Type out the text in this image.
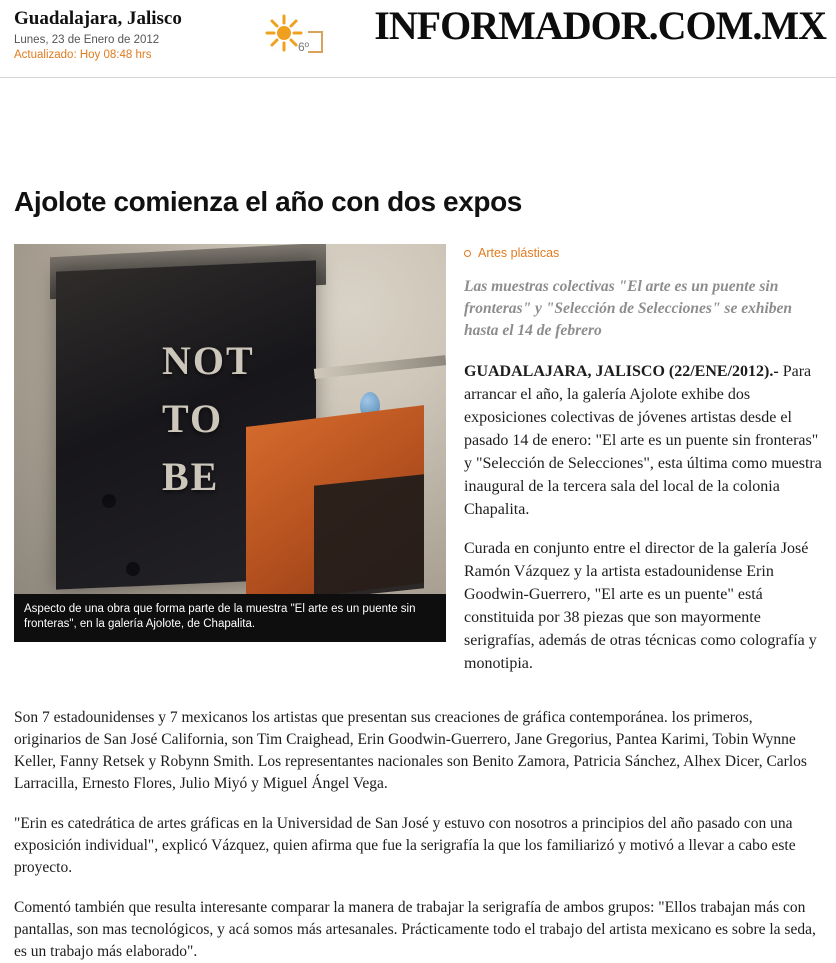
Guadalajara, Jalisco
Lunes, 23 de Enero de 2012
Actualizado: Hoy 08:48 hrs
6º INFORMADOR.COM.MX
Ajolote comienza el año con dos expos
NOT
TO
BE
Aspecto de una obra que forma parte de la muestra "El arte es un puente sin fronteras", en la galería Ajolote, de Chapalita.
Artes plásticas
Las muestras colectivas "El arte es un puente sin fronteras" y "Selección de Selecciones" se exhiben hasta el 14 de febrero

GUADALAJARA, JALISCO (22/ENE/2012).- Para arrancar el año, la galería Ajolote exhibe dos exposiciones colectivas de jóvenes artistas desde el pasado 14 de enero: "El arte es un puente sin fronteras" y "Selección de Selecciones", esta última como muestra inaugural de la tercera sala del local de la colonia Chapalita.

Curada en conjunto entre el director de la galería José Ramón Vázquez y la artista estadounidense Erin Goodwin-Guerrero, "El arte es un puente" está constituida por 38 piezas que son mayormente serigrafías, además de otras técnicas como colografía y monotipia.

Son 7 estadounidenses y 7 mexicanos los artistas que presentan sus creaciones de gráfica contemporánea. los primeros, originarios de San José California, son Tim Craighead, Erin Goodwin-Guerrero, Jane Gregorius, Pantea Karimi, Tobin Wynne Keller, Fanny Retsek y Robynn Smith. Los representantes nacionales son Benito Zamora, Patricia Sánchez, Alhex Dicer, Carlos Larracilla, Ernesto Flores, Julio Miyó y Miguel Ángel Vega.

"Erin es catedrática de artes gráficas en la Universidad de San José y estuvo con nosotros a principios del año pasado con una exposición individual", explicó Vázquez, quien afirma que fue la serigrafía la que los familiarizó y motivó a llevar a cabo este proyecto.

Comentó también que resulta interesante comparar la manera de trabajar la serigrafía de ambos grupos: "Ellos trabajan más con pantallas, son mas tecnológicos, y acá somos más artesanales. Prácticamente todo el trabajo del artista mexicano es sobre la seda, es un trabajo más elaborado".
